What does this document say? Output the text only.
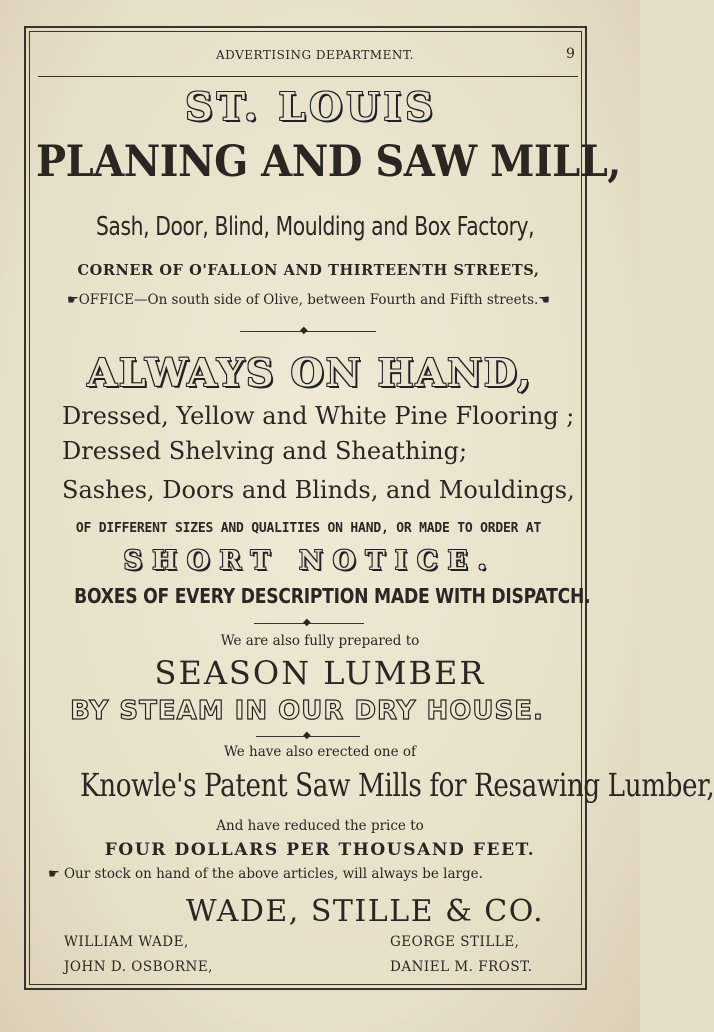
ADVERTISING DEPARTMENT.	9
ST. LOUIS
PLANING AND SAW MILL,
Sash, Door, Blind, Moulding and Box Factory,
CORNER OF O'FALLON AND THIRTEENTH STREETS,
☛OFFICE—On south side of Olive, between Fourth and Fifth streets.☚
◆
ALWAYS ON HAND,
Dressed, Yellow and White Pine Flooring ;
Dressed Shelving and Sheathing;
Sashes, Doors and Blinds, and Mouldings,
OF DIFFERENT SIZES AND QUALITIES ON HAND, OR MADE TO ORDER AT
SHORT NOTICE.
BOXES OF EVERY DESCRIPTION MADE WITH DISPATCH.
◆
We are also fully prepared to
SEASON LUMBER
BY STEAM IN OUR DRY HOUSE.
◆
We have also erected one of
Knowle's Patent Saw Mills for Resawing Lumber,
And have reduced the price to
FOUR DOLLARS PER THOUSAND FEET.
☛ Our stock on hand of the above articles, will always be large.
WADE, STILLE & CO.
WILLIAM WADE,	GEORGE STILLE,
JOHN D. OSBORNE,	DANIEL M. FROST.
